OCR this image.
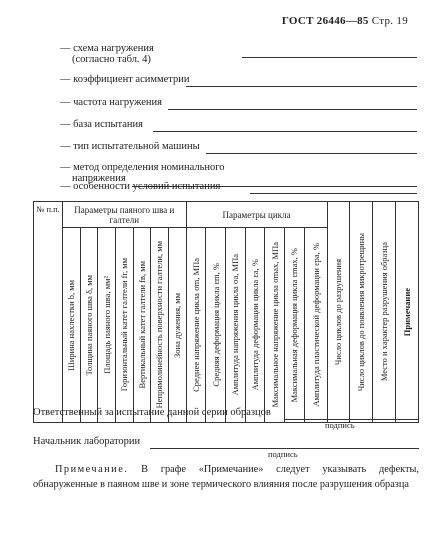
ГОСТ 26446—85 Стр. 19
— схема нагружения
(согласно табл. 4)
— коэффициент асимметрии
— частота нагружения
— база испытания
— тип испытательной машины
— метод определения номинального
напряжения
— особенности условий испытания
№ п.п.	Параметры паяного шва и галтели							Параметры цикла							Число циклов до разрушения	Число циклов до появления микротрещины	Место и характер разрушения образца	Примечание

	Ширина нахлестки b, мм	Толщина паяного шва δ, мм	Площадь паяного шва, мм²	Горизонтальный катет галтели fг, мм	Вертикальный катет галтели fв, мм	Непрямолинейность поверхности галтели, мм	Зона дужения, мм	Среднее напряжение цикла σm, МПа	Средняя деформация цикла εm, %	Амплитуда напряжения цикла σa, МПа	Амплитуда деформации цикла εa, %	Максимальное напряжение цикла σmax, МПа	Максимальная деформация цикла εmax, %	Амплитуда пластической деформации εpa, %				
Ответственный за испытание данной серии образцов
подпись
Начальник лаборатории
подпись
Примечание. В графе «Примечание» следует указывать дефекты, обнаруженные в паяном шве и зоне термического влияния после разрушения образца
